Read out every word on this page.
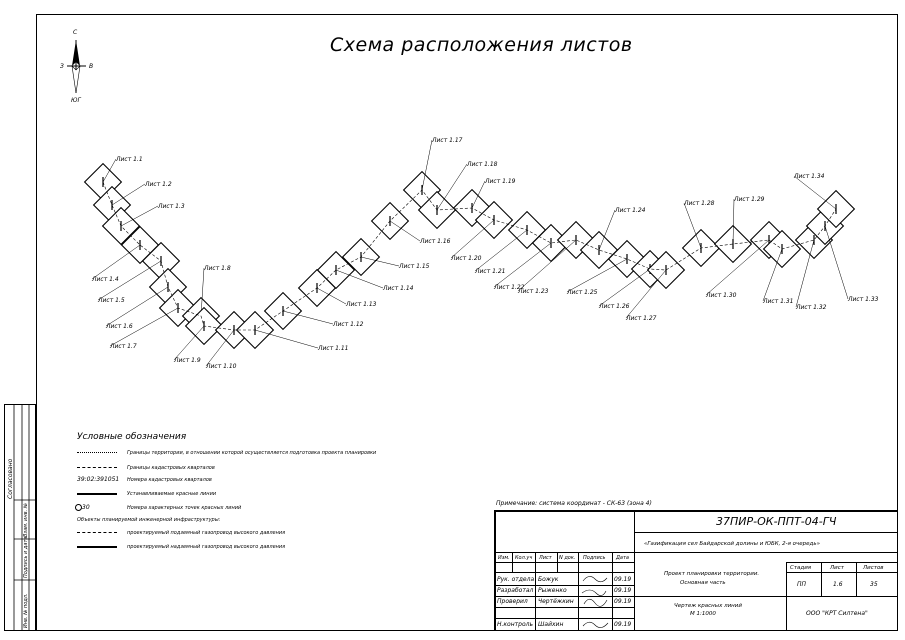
Схема расположения листов
С
ЮГ
З	В
Лист 1.1
Лист 1.2
Лист 1.3
Лист 1.4
Лист 1.5
Лист 1.6
Лист 1.7
Лист 1.8
Лист 1.9
Лист 1.10
Лист 1.11
Лист 1.12
Лист 1.13
Лист 1.14
Лист 1.15
Лист 1.16
Лист 1.17
Лист 1.18
Лист 1.19
Лист 1.20
Лист 1.21
Лист 1.22
Лист 1.23
Лист 1.24
Лист 1.25
Лист 1.26
Лист 1.27
Лист 1.28
Лист 1.29
Лист 1.30
Лист 1.31
Лист 1.32
Лист 1.33
Лист 1.34
Условные обозначения
Границы территории, в отношении которой осуществляется подготовка проекта планировки
Границы кадастровых кварталов
39:02:391051 Номера кадастровых кварталов
Устанавливаемые красные линии
30	Номера характерных точек красных линий
Объекты планируемой инженерной инфраструктуры:
проектируемый подземный газопровод высокого давления
проектируемый надземный газопровод высокого давления
Примечание: система координат - СК-63 (зона 4)
37ПИР-ОК-ППТ-04-ГЧ
«Газификация сел Байдарской долины и ЮБК, 2-я очередь»
Изм. Кол.уч Лист N док. Подпись Дата
Рук. отдела Божук	09.19
Разработал Рыженко	09.19
Проверил Чертёжкин	09.19
Н.контроль Шайхин	09.19
Проект планировки территории.
Основная часть
Чертеж красных линий
М 1:1000
Стадия	Лист	Листов
ПП	1.6	35
ООО "КРТ Силтена"
Согласовано
Инв. № подл.
Подпись и дата
Взам. инв. №
